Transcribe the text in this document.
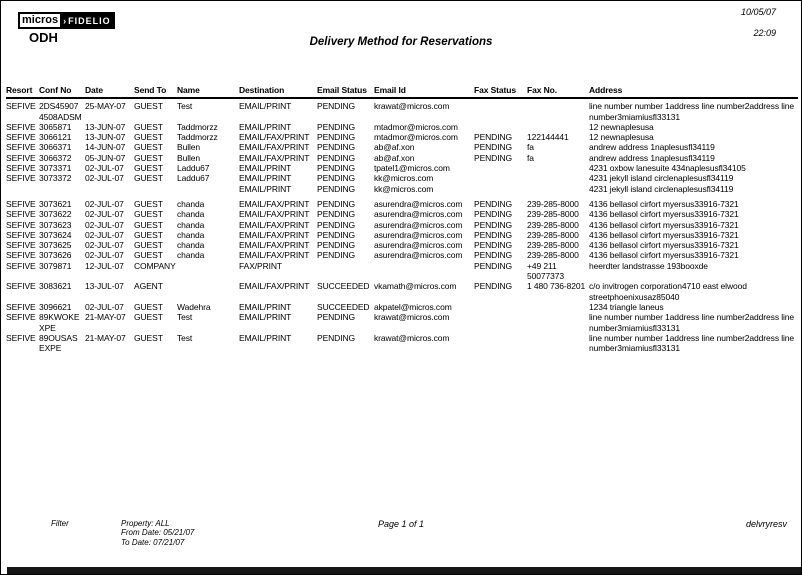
micros › FIDELIO
ODH	Delivery Method for Reservations
10/05/07
22:09
Resort	Conf No	Date	Send To	Name	Destination	Email Status	Email Id	Fax Status	Fax No.	Address
SEFIVE	2DS45907 4508ADSM	25-MAY-07	GUEST	Test	EMAIL/PRINT	PENDING	krawat@micros.com			line number number 1address line number2address line number3miamiusfl33131
SEFIVE	3065871	13-JUN-07	GUEST	Taddmorzz	EMAIL/PRINT	PENDING	mtadmor@micros.com			12 newnaplesusa
SEFIVE	3066121	13-JUN-07	GUEST	Taddmorzz	EMAIL/FAX/PRINT	PENDING	mtadmor@micros.com	PENDING	122144441	12 newnaplesusa
SEFIVE	3066371	14-JUN-07	GUEST	Bullen	EMAIL/FAX/PRINT	PENDING	ab@af.xon	PENDING	fa	andrew address 1naplesusfl34119
SEFIVE	3066372	05-JUN-07	GUEST	Bullen	EMAIL/FAX/PRINT	PENDING	ab@af.xon	PENDING	fa	andrew address 1naplesusfl34119
SEFIVE	3073371	02-JUL-07	GUEST	Laddu67	EMAIL/PRINT	PENDING	tpatel1@micros.com			4231 oxbow lanesuite 434naplesusfl34105
SEFIVE	3073372	02-JUL-07	GUEST	Laddu67	EMAIL/PRINT	PENDING	kk@micros.com			4231 jekyll island circlenaplesusfl34119
					EMAIL/PRINT	PENDING	kk@micros.com			4231 jekyll island circlenaplesusfl34119
SEFIVE	3073621	02-JUL-07	GUEST	chanda	EMAIL/FAX/PRINT	PENDING	asurendra@micros.com	PENDING	239-285-8000	4136 bellasol cirfort myersus33916-7321
SEFIVE	3073622	02-JUL-07	GUEST	chanda	EMAIL/FAX/PRINT	PENDING	asurendra@micros.com	PENDING	239-285-8000	4136 bellasol cirfort myersus33916-7321
SEFIVE	3073623	02-JUL-07	GUEST	chanda	EMAIL/FAX/PRINT	PENDING	asurendra@micros.com	PENDING	239-285-8000	4136 bellasol cirfort myersus33916-7321
SEFIVE	3073624	02-JUL-07	GUEST	chanda	EMAIL/FAX/PRINT	PENDING	asurendra@micros.com	PENDING	239-285-8000	4136 bellasol cirfort myersus33916-7321
SEFIVE	3073625	02-JUL-07	GUEST	chanda	EMAIL/FAX/PRINT	PENDING	asurendra@micros.com	PENDING	239-285-8000	4136 bellasol cirfort myersus33916-7321
SEFIVE	3073626	02-JUL-07	GUEST	chanda	EMAIL/FAX/PRINT	PENDING	asurendra@micros.com	PENDING	239-285-8000	4136 bellasol cirfort myersus33916-7321
SEFIVE	3079871	12-JUL-07	COMPANY		FAX/PRINT			PENDING	+49 211 50077373	heerdter landstrasse 193booxde
SEFIVE	3083621	13-JUL-07	AGENT		EMAIL/FAX/PRINT	SUCCEEDED	vkamath@micros.com	PENDING	1 480 736-8201	c/o invitrogen corporation4710 east elwood streetphoenixusaz85040
SEFIVE	3096621	02-JUL-07	GUEST	Wadehra	EMAIL/PRINT	SUCCEEDED	akpatel@micros.com			1234 triangle laneus
SEFIVE	89KWOKE XPE	21-MAY-07	GUEST	Test	EMAIL/PRINT	PENDING	krawat@micros.com			line number number 1address line number2address line number3miamiusfl33131
SEFIVE	89OUSAS EXPE	21-MAY-07	GUEST	Test	EMAIL/PRINT	PENDING	krawat@micros.com			line number number 1address line number2address line number3miamiusfl33131
Filter	Property: ALL
From Date: 05/21/07
To Date: 07/21/07
Page 1 of 1	delvryresv
